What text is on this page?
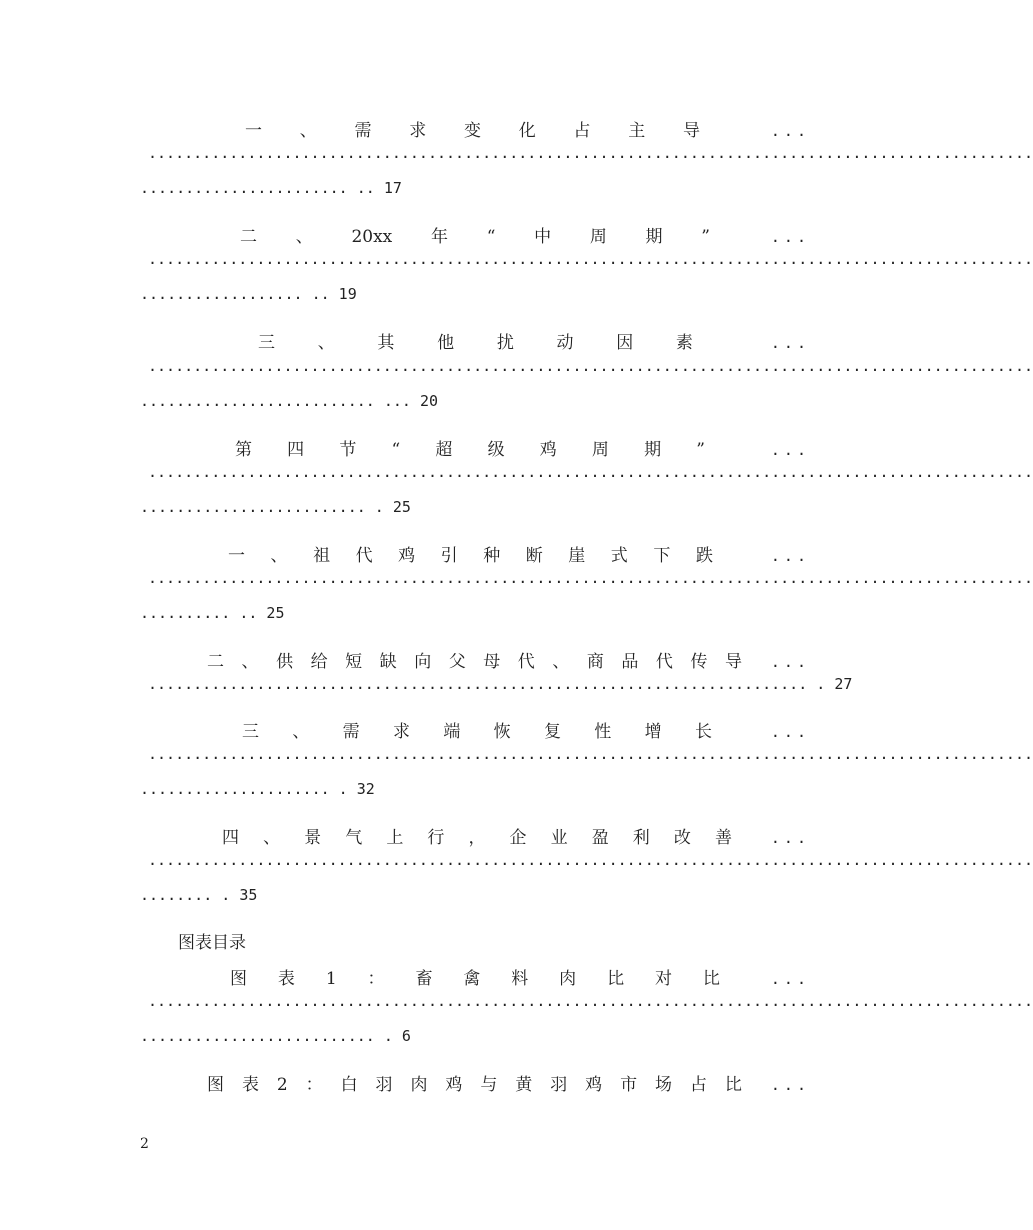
一 、 需 求 变 化 占 主 导	...
..................................................................................................
....................... .. 17
二 、 20xx 年 “ 中 周 期 ”	...
..................................................................................................
.................. .. 19
三	、	其	他	扰	动	因	素	...
..................................................................................................
.......................... ... 20
第 四 节 “ 超 级 鸡 周 期 ”	...
..................................................................................................
......................... . 25
一 、 祖 代 鸡 引 种 断 崖 式 下 跌	...
..................................................................................................
.......... .. 25
二 、 供 给 短 缺 向 父 母 代 、 商 品 代 传 导 ...
......................................................................... . 27
三 、 需 求 端 恢 复 性 增 长	...
..................................................................................................
..................... . 32
四 、 景 气 上 行 ， 企 业 盈 利 改 善	...
..................................................................................................
........ . 35
图表目录
图 表 1 ： 畜 禽 料 肉 比 对 比	...
..................................................................................................
.......................... . 6
图 表 2 ： 白 羽 肉 鸡 与 黄 羽 鸡 市 场 占 比 ...
2
